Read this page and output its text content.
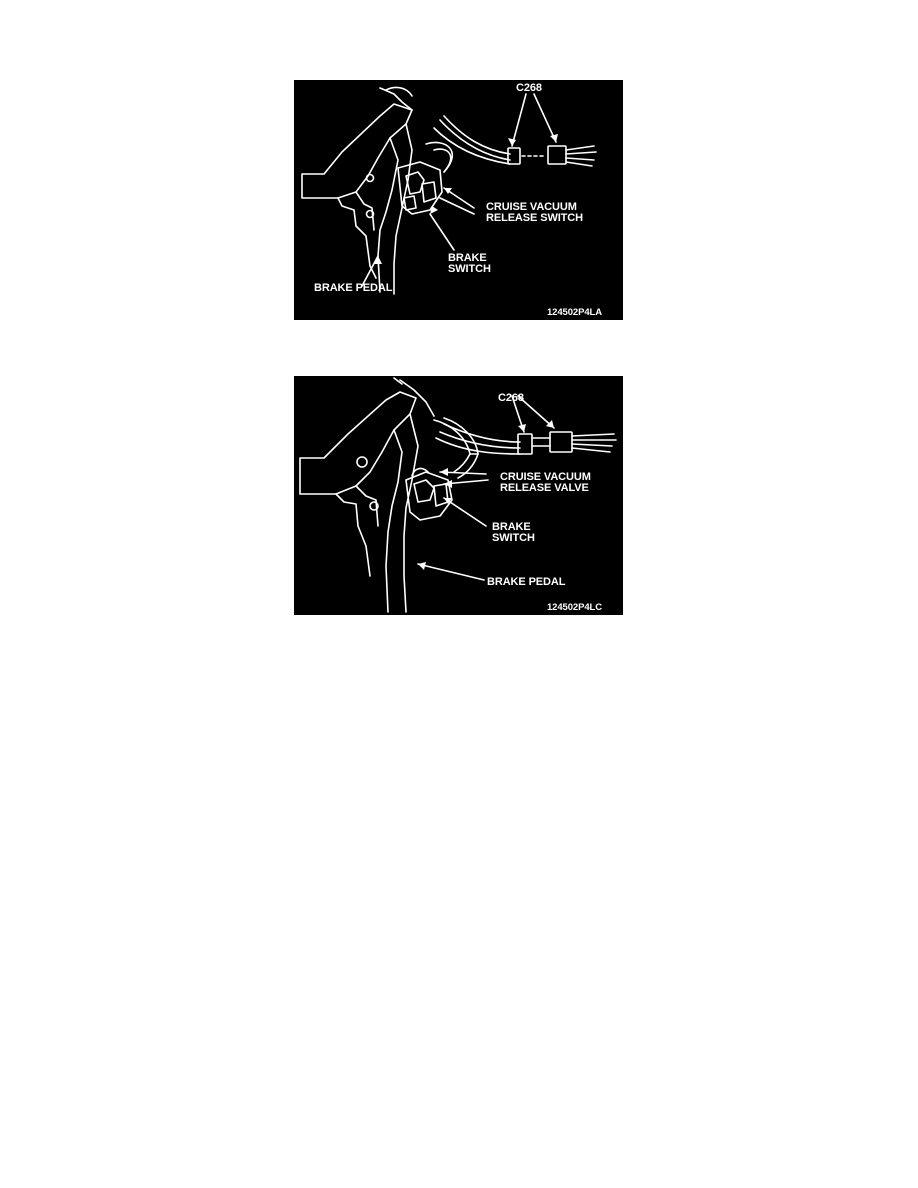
C268
CRUISE VACUUM
RELEASE SWITCH
BRAKE
SWITCH
BRAKE PEDAL
124502P4LA
C268
CRUISE VACUUM
RELEASE VALVE
BRAKE
SWITCH
BRAKE PEDAL
124502P4LC
